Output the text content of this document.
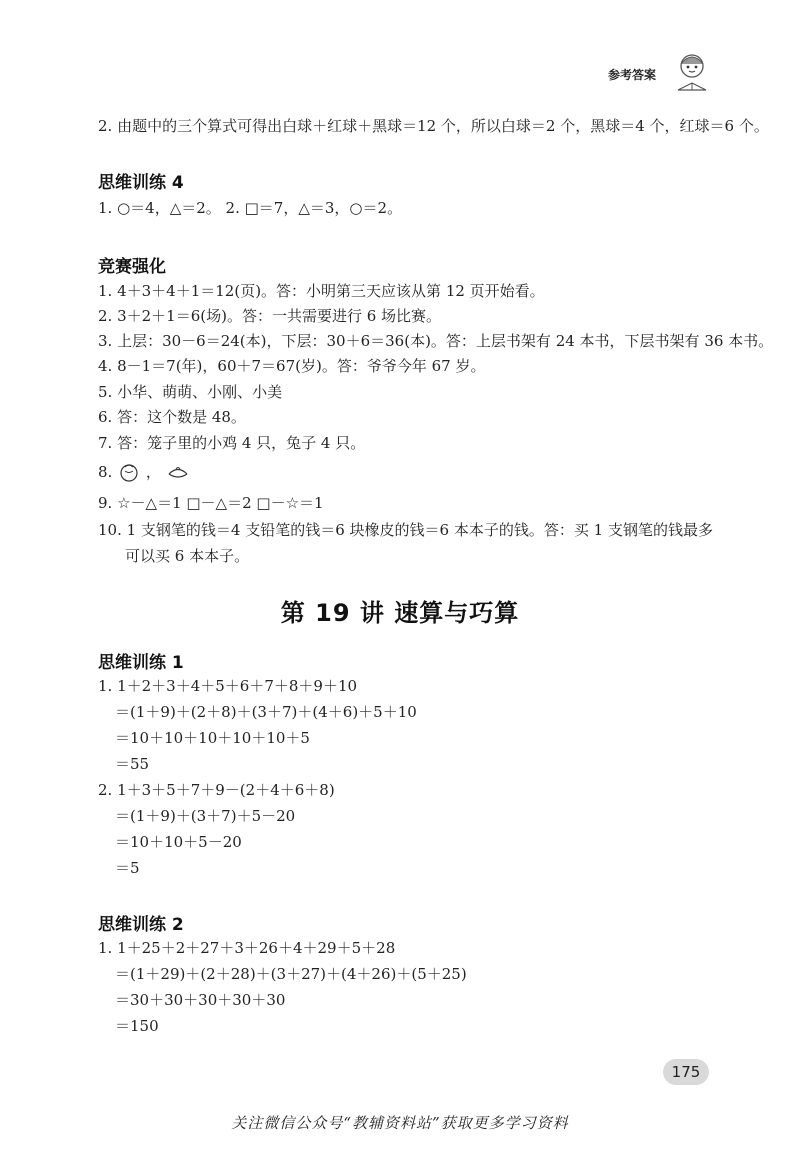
参考答案
2. 由题中的三个算式可得出白球＋红球＋黑球＝12 个，所以白球＝2 个，黑球＝4 个，红球＝6 个。
思维训练 4
1. ○＝4，△＝2。 2. □＝7，△＝3，○＝2。
竞赛强化
1. 4＋3＋4＋1＝12(页)。答：小明第三天应该从第 12 页开始看。
2. 3＋2＋1＝6(场)。答：一共需要进行 6 场比赛。
3. 上层：30－6＝24(本)，下层：30＋6＝36(本)。答：上层书架有 24 本书，下层书架有 36 本书。
4. 8－1＝7(年)，60＋7＝67(岁)。答：爷爷今年 67 岁。
5. 小华、萌萌、小刚、小美
6. 答：这个数是 48。
7. 答：笼子里的小鸡 4 只，兔子 4 只。
8. ，
9. ☆－△＝1 □－△＝2 □－☆＝1
10. 1 支钢笔的钱＝4 支铅笔的钱＝6 块橡皮的钱＝6 本本子的钱。答：买 1 支钢笔的钱最多
可以买 6 本本子。
第 19 讲 速算与巧算
思维训练 1
1. 1＋2＋3＋4＋5＋6＋7＋8＋9＋10
＝(1＋9)＋(2＋8)＋(3＋7)＋(4＋6)＋5＋10
＝10＋10＋10＋10＋10＋5
＝55
2. 1＋3＋5＋7＋9－(2＋4＋6＋8)
＝(1＋9)＋(3＋7)＋5－20
＝10＋10＋5－20
＝5
思维训练 2
1. 1＋25＋2＋27＋3＋26＋4＋29＋5＋28
＝(1＋29)＋(2＋28)＋(3＋27)＋(4＋26)＋(5＋25)
＝30＋30＋30＋30＋30
＝150
175
关注微信公众号“教辅资料站”获取更多学习资料
